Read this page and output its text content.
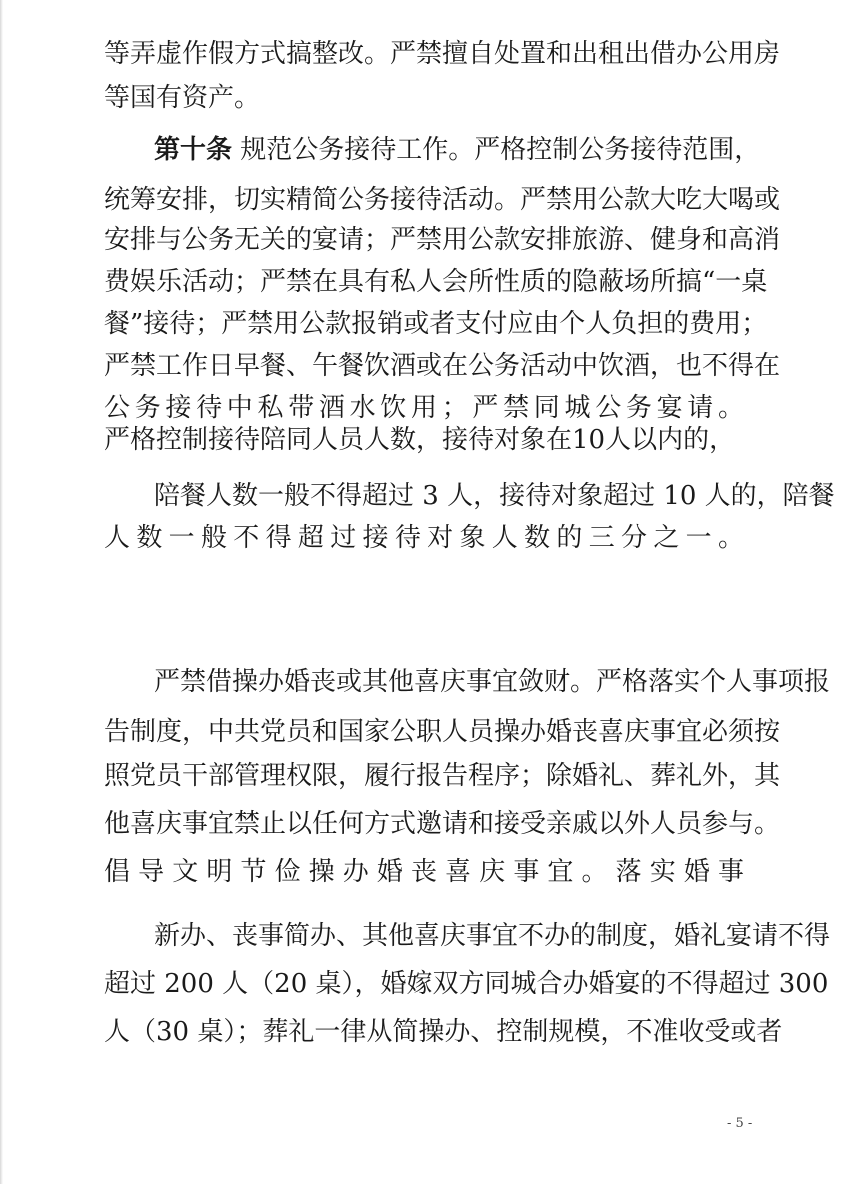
等弄虚作假方式搞整改。严禁擅自处置和出租出借办公用房
等国有资产。
第十条 规范公务接待工作。严格控制公务接待范围，
统筹安排，切实精简公务接待活动。严禁用公款大吃大喝或
安排与公务无关的宴请；严禁用公款安排旅游、健身和高消
费娱乐活动；严禁在具有私人会所性质的隐蔽场所搞“一桌
餐”接待；严禁用公款报销或者支付应由个人负担的费用；
严禁工作日早餐、午餐饮酒或在公务活动中饮酒，也不得在
公务接待中私带酒水饮用；严禁同城公务宴请。
严格控制接待陪同人员人数，接待对象在10人以内的，
陪餐人数一般不得超过 3 人，接待对象超过 10 人的，陪餐
人数一般不得超过接待对象人数的三分之一。
严禁借操办婚丧或其他喜庆事宜敛财。严格落实个人事项报
告制度，中共党员和国家公职人员操办婚丧喜庆事宜必须按
照党员干部管理权限，履行报告程序；除婚礼、葬礼外，其
他喜庆事宜禁止以任何方式邀请和接受亲戚以外人员参与。
倡导文明节俭操办婚丧喜庆事宜。落实婚事
新办、丧事简办、其他喜庆事宜不办的制度，婚礼宴请不得
超过 200 人（20 桌），婚嫁双方同城合办婚宴的不得超过 300
人（30 桌）；葬礼一律从简操办、控制规模，不准收受或者
- 5 -
